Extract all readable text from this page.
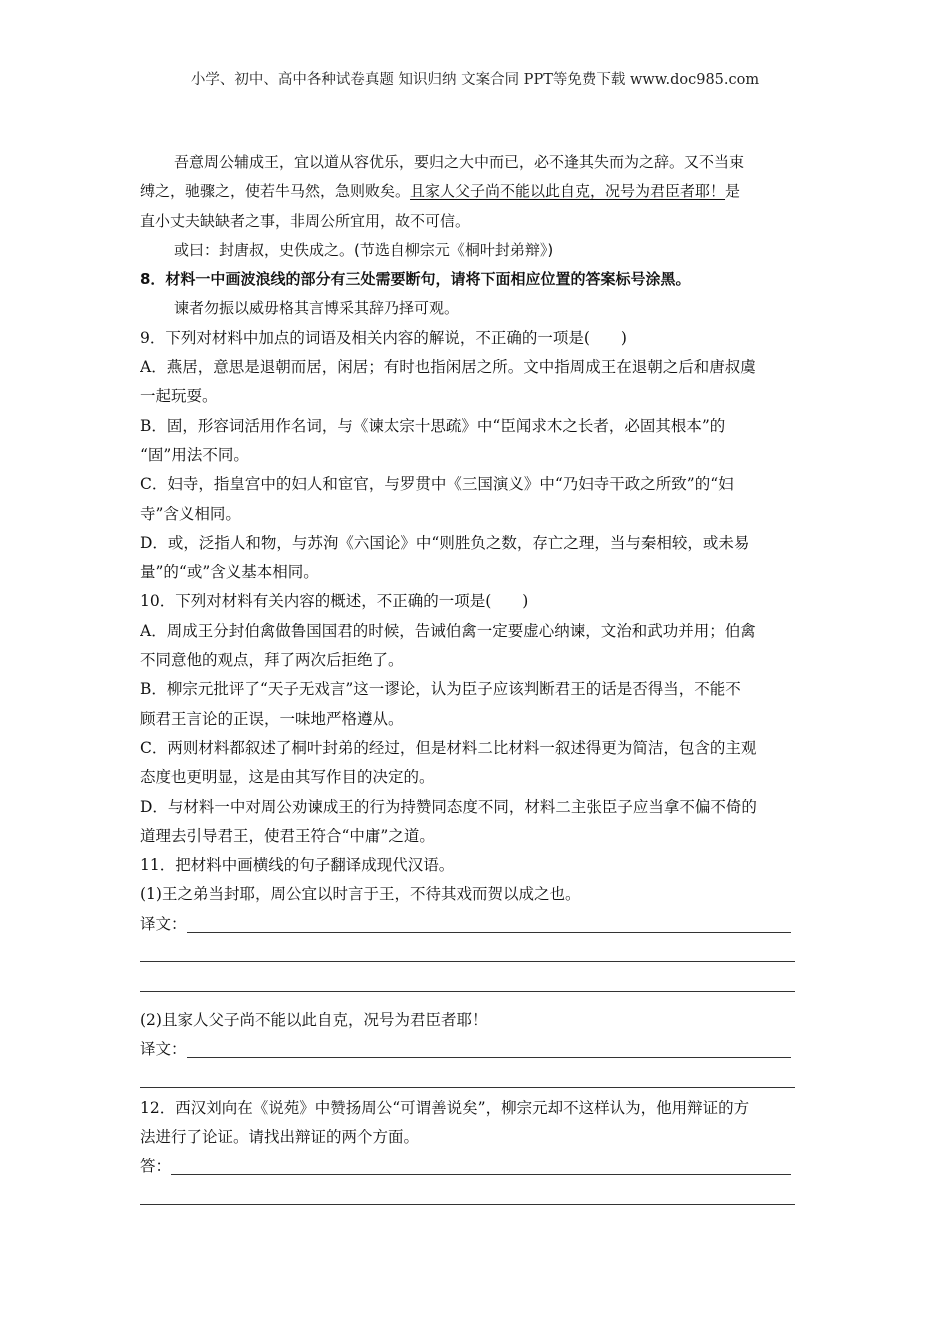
小学、初中、高中各种试卷真题 知识归纳 文案合同 PPT等免费下载 www.doc985.com
吾意周公辅成王，宜以道从容优乐，要归之大中而已，必不逢其失而为之辞。又不当束
缚之，驰骤之，使若牛马然，急则败矣。且家人父子尚不能以此自克，况号为君臣者耶！是
直小丈夫缺缺者之事，非周公所宜用，故不可信。
或曰：封唐叔，史佚成之。(节选自柳宗元《桐叶封弟辩》)
8．材料一中画波浪线的部分有三处需要断句，请将下面相应位置的答案标号涂黑。
谏者勿振以威毋格其言博采其辞乃择可观。
9．下列对材料中加点的词语及相关内容的解说，不正确的一项是(　　)
A．燕居，意思是退朝而居，闲居；有时也指闲居之所。文中指周成王在退朝之后和唐叔虞
一起玩耍。
B．固，形容词活用作名词，与《谏太宗十思疏》中“臣闻求木之长者，必固其根本”的
“固”用法不同。
C．妇寺，指皇宫中的妇人和宦官，与罗贯中《三国演义》中“乃妇寺干政之所致”的“妇
寺”含义相同。
D．或，泛指人和物，与苏洵《六国论》中“则胜负之数，存亡之理，当与秦相较，或未易
量”的“或”含义基本相同。
10．下列对材料有关内容的概述，不正确的一项是(　　)
A．周成王分封伯禽做鲁国国君的时候，告诫伯禽一定要虚心纳谏，文治和武功并用；伯禽
不同意他的观点，拜了两次后拒绝了。
B．柳宗元批评了“天子无戏言”这一谬论，认为臣子应该判断君王的话是否得当，不能不
顾君王言论的正误，一味地严格遵从。
C．两则材料都叙述了桐叶封弟的经过，但是材料二比材料一叙述得更为简洁，包含的主观
态度也更明显，这是由其写作目的决定的。
D．与材料一中对周公劝谏成王的行为持赞同态度不同，材料二主张臣子应当拿不偏不倚的
道理去引导君王，使君王符合“中庸”之道。
11．把材料中画横线的句子翻译成现代汉语。
(1)王之弟当封耶，周公宜以时言于王，不待其戏而贺以成之也。
译文：
(2)且家人父子尚不能以此自克，况号为君臣者耶！
译文：
12．西汉刘向在《说苑》中赞扬周公“可谓善说矣”，柳宗元却不这样认为，他用辩证的方
法进行了论证。请找出辩证的两个方面。
答：
